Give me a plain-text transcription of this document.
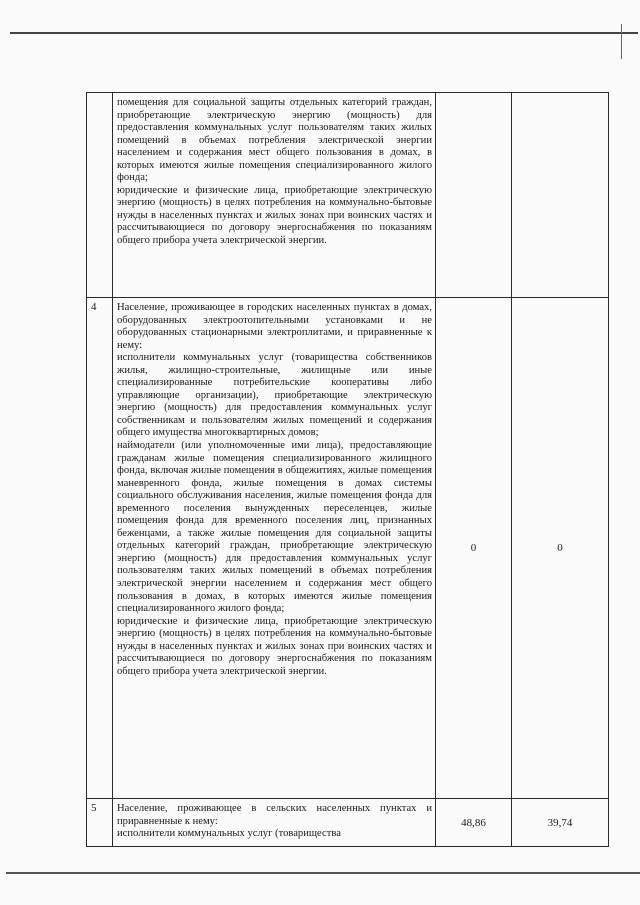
	помещения для социальной защиты отдельных категорий граждан, приобретающие электрическую энергию (мощность) для предоставления коммунальных услуг пользователям таких жилых помещений в объемах потребления электрической энергии населением и содержания мест общего пользования в домах, в которых имеются жилые помещения специализированного жилого фонда;

юридические и физические лица, приобретающие электрическую энергию (мощность) в целях потребления на коммунально-бытовые нужды в населенных пунктах и жилых зонах при воинских частях и рассчитывающиеся по договору энергоснабжения по показаниям общего прибора учета электрической энергии.		

4	Население, проживающее в городских населенных пунктах в домах, оборудованных электроотопительными установками и не оборудованных стационарными электроплитами, и приравненные к нему:

исполнители коммунальных услуг (товарищества собственников жилья, жилищно-строительные, жилищные или иные специализированные потребительские кооперативы либо управляющие организации), приобретающие электрическую энергию (мощность) для предоставления коммунальных услуг собственникам и пользователям жилых помещений и содержания общего имущества многоквартирных домов;

наймодатели (или уполномоченные ими лица), предоставляющие гражданам жилые помещения специализированного жилищного фонда, включая жилые помещения в общежитиях, жилые помещения маневренного фонда, жилые помещения в домах системы социального обслуживания населения, жилые помещения фонда для временного поселения вынужденных переселенцев, жилые помещения фонда для временного поселения лиц, признанных беженцами, а также жилые помещения для социальной защиты отдельных категорий граждан, приобретающие электрическую энергию (мощность) для предоставления коммунальных услуг пользователям таких жилых помещений в объемах потребления электрической энергии населением и содержания мест общего пользования в домах, в которых имеются жилые помещения специализированного жилого фонда;

юридические и физические лица, приобретающие электрическую энергию (мощность) в целях потребления на коммунально-бытовые нужды в населенных пунктах и жилых зонах при воинских частях и рассчитывающиеся по договору энергоснабжения по показаниям общего прибора учета электрической энергии.	0	0
5	Население, проживающее в сельских населенных пунктах и приравненные к нему:

исполнители коммунальных услуг (товарищества	48,86	39,74
